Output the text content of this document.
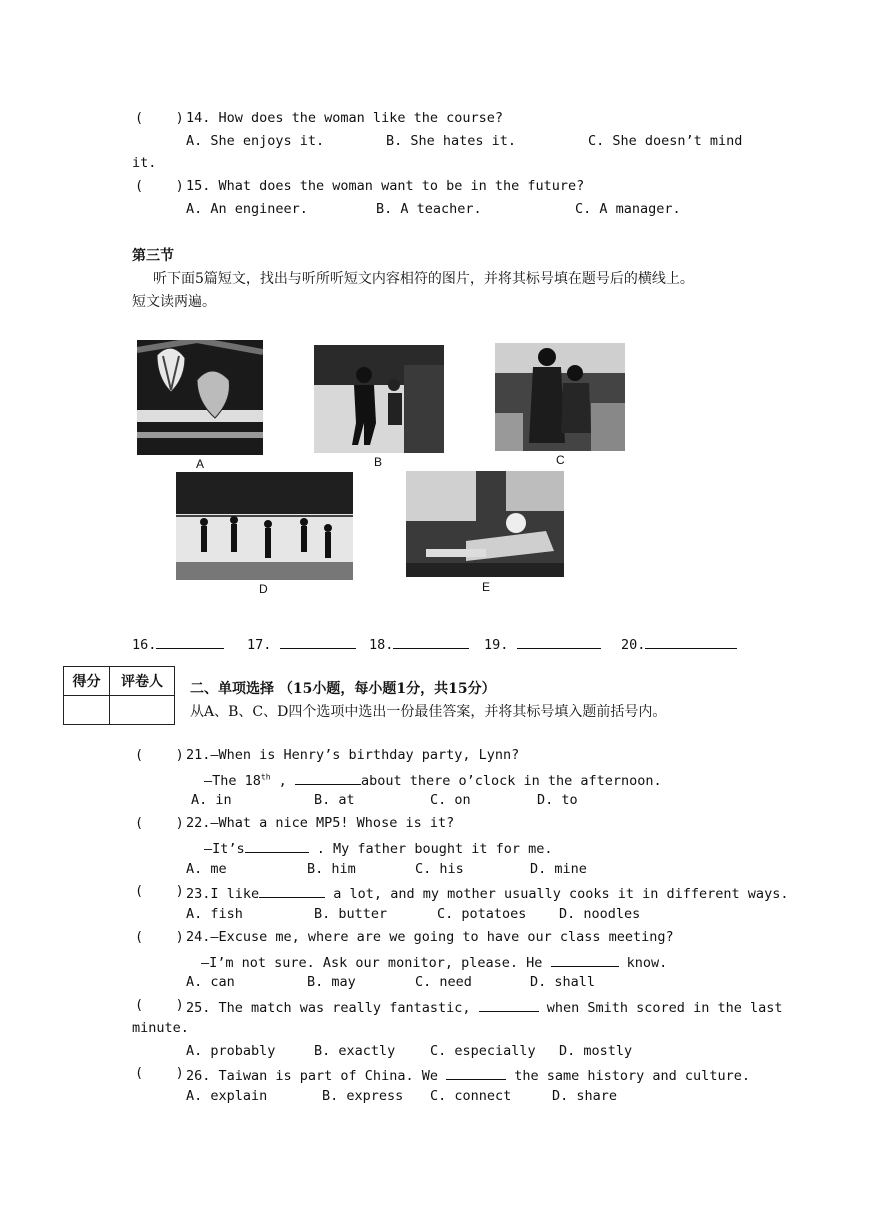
(    ) 14. How does the woman like the course?
A. She enjoys it.	B. She hates it.	C. She doesn’t mind
it.
(    ) 15. What does the woman want to be in the future?
A. An engineer.	B. A teacher.	C. A manager.
第三节
听下面5篇短文，找出与听所听短文内容相符的图片，并将其标号填在题号后的横线上。
短文读两遍。
A	B	C
D	E
16.	17.	18.	19.	20.
得分	评卷人
	二、单项选择 （15小题，每小题1分，共15分）
从A、B、C、D四个选项中选出一份最佳答案，并将其标号填入题前括号内。
(    ) 21.—When is Henry’s birthday party, Lynn?
—The 18th ,	about there o’clock in the afternoon.
A. in	B. at	C. on	D. to
(    ) 22.—What a nice MP5! Whose is it?
—It’s	. My father bought it for me.
A. me	B. him	C. his	D. mine
(    ) 23.I like	a lot, and my mother usually cooks it in different ways.
A. fish	B. butter	C. potatoes D. noodles
(    ) 24.—Excuse me, where are we going to have our class meeting?
—I’m not sure. Ask our monitor, please. He	know.
A. can	B. may	C. need	D. shall
(    ) 25. The match was really fantastic,	when Smith scored in the last
minute.
A. probably	B. exactly	C. especially D. mostly
(    ) 26. Taiwan is part of China. We	the same history and culture.
A. explain	B. express C. connect	D. share
